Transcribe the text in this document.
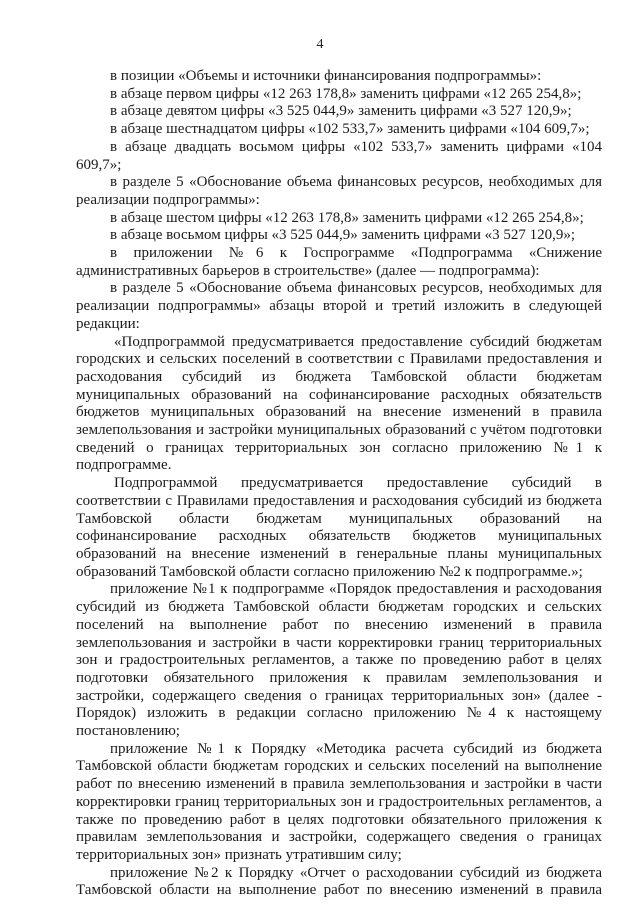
4

в позиции «Объемы и источники финансирования подпрограммы»:

в абзаце первом цифры «12 263 178,8» заменить цифрами «12 265 254,8»;

в абзаце девятом цифры «3 525 044,9» заменить цифрами «3 527 120,9»;

в абзаце шестнадцатом цифры «102 533,7» заменить цифрами «104 609,7»;

в абзаце двадцать восьмом цифры «102 533,7» заменить цифрами «104 609,7»;

в разделе 5 «Обоснование объема финансовых ресурсов, необходимых для реализации подпрограммы»:

в абзаце шестом цифры «12 263 178,8» заменить цифрами «12 265 254,8»;

в абзаце восьмом цифры «3 525 044,9» заменить цифрами «3 527 120,9»;

в приложении №6 к Госпрограмме «Подпрограмма «Снижение административных барьеров в строительстве» (далее — подпрограмма):

в разделе 5 «Обоснование объема финансовых ресурсов, необходимых для реализации подпрограммы» абзацы второй и третий изложить в следующей редакции:

«Подпрограммой предусматривается предоставление субсидий бюджетам городских и сельских поселений в соответствии с Правилами предоставления и расходования субсидий из бюджета Тамбовской области бюджетам муниципальных образований на софинансирование расходных обязательств бюджетов муниципальных образований на внесение изменений в правила землепользования и застройки муниципальных образований с учётом подготовки сведений о границах территориальных зон согласно приложению №1 к подпрограмме.

Подпрограммой предусматривается предоставление субсидий в соответствии с Правилами предоставления и расходования субсидий из бюджета Тамбовской области бюджетам муниципальных образований на софинансирование расходных обязательств бюджетов муниципальных образований на внесение изменений в генеральные планы муниципальных образований Тамбовской области согласно приложению №2 к подпрограмме.»;

приложение №1 к подпрограмме «Порядок предоставления и расходования субсидий из бюджета Тамбовской области бюджетам городских и сельских поселений на выполнение работ по внесению изменений в правила землепользования и застройки в части корректировки границ территориальных зон и градостроительных регламентов, а также по проведению работ в целях подготовки обязательного приложения к правилам землепользования и застройки, содержащего сведения о границах территориальных зон» (далее - Порядок) изложить в редакции согласно приложению №4 к настоящему постановлению;

приложение №1 к Порядку «Методика расчета субсидий из бюджета Тамбовской области бюджетам городских и сельских поселений на выполнение работ по внесению изменений в правила землепользования и застройки в части корректировки границ территориальных зон и градостроительных регламентов, а также по проведению работ в целях подготовки обязательного приложения к правилам землепользования и застройки, содержащего сведения о границах территориальных зон» признать утратившим силу;

приложение №2 к Порядку «Отчет о расходовании субсидий из бюджета Тамбовской области на выполнение работ по внесению изменений в правила
